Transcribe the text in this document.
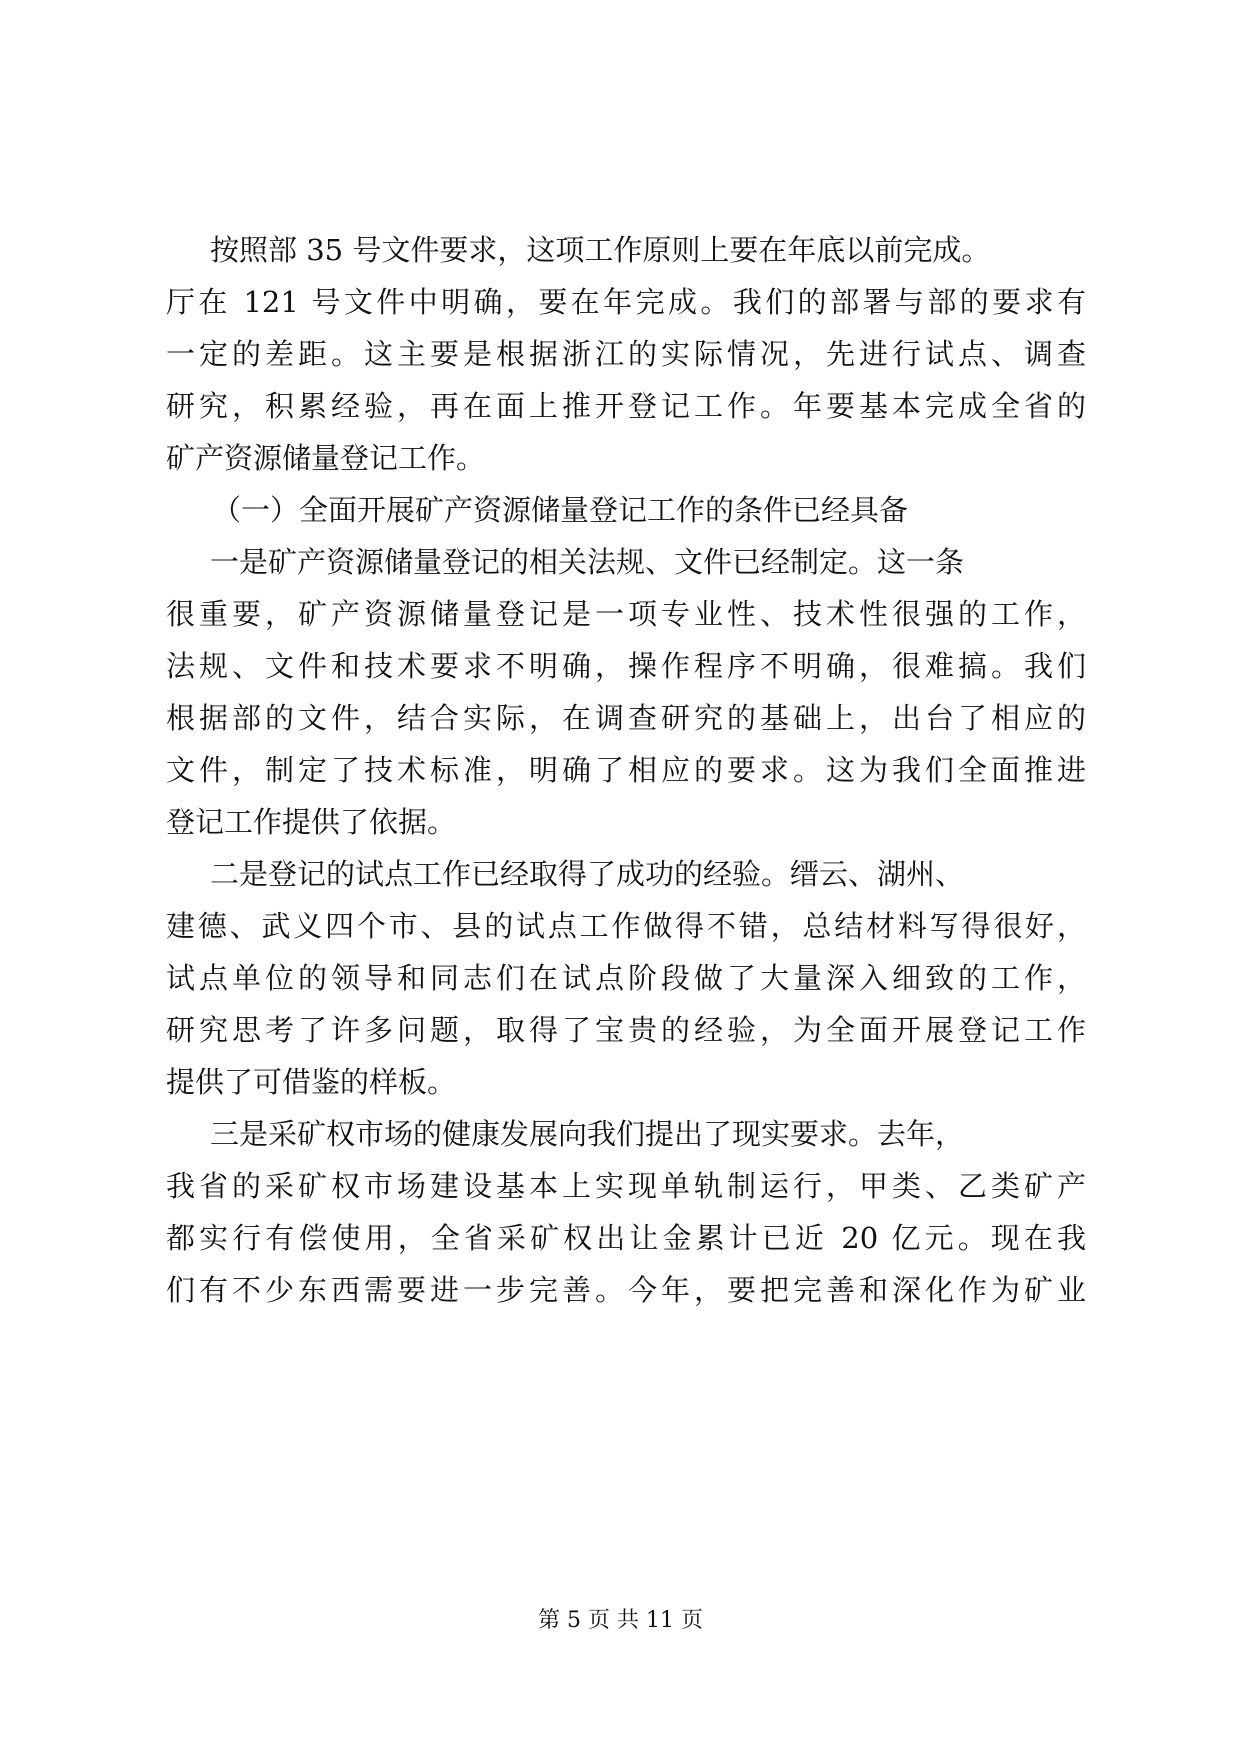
按照部 35 号文件要求，这项工作原则上要在年底以前完成。
厅在 121 号文件中明确，要在年完成。我们的部署与部的要求有
一定的差距。这主要是根据浙江的实际情况，先进行试点、调查
研究，积累经验，再在面上推开登记工作。年要基本完成全省的
矿产资源储量登记工作。
（一）全面开展矿产资源储量登记工作的条件已经具备
一是矿产资源储量登记的相关法规、文件已经制定。这一条
很重要，矿产资源储量登记是一项专业性、技术性很强的工作，
法规、文件和技术要求不明确，操作程序不明确，很难搞。我们
根据部的文件，结合实际，在调查研究的基础上，出台了相应的
文件，制定了技术标准，明确了相应的要求。这为我们全面推进
登记工作提供了依据。
二是登记的试点工作已经取得了成功的经验。缙云、湖州、
建德、武义四个市、县的试点工作做得不错，总结材料写得很好，
试点单位的领导和同志们在试点阶段做了大量深入细致的工作，
研究思考了许多问题，取得了宝贵的经验，为全面开展登记工作
提供了可借鉴的样板。
三是采矿权市场的健康发展向我们提出了现实要求。去年，
我省的采矿权市场建设基本上实现单轨制运行，甲类、乙类矿产
都实行有偿使用，全省采矿权出让金累计已近 20 亿元。现在我
们有不少东西需要进一步完善。今年，要把完善和深化作为矿业
第 5 页 共 11 页
